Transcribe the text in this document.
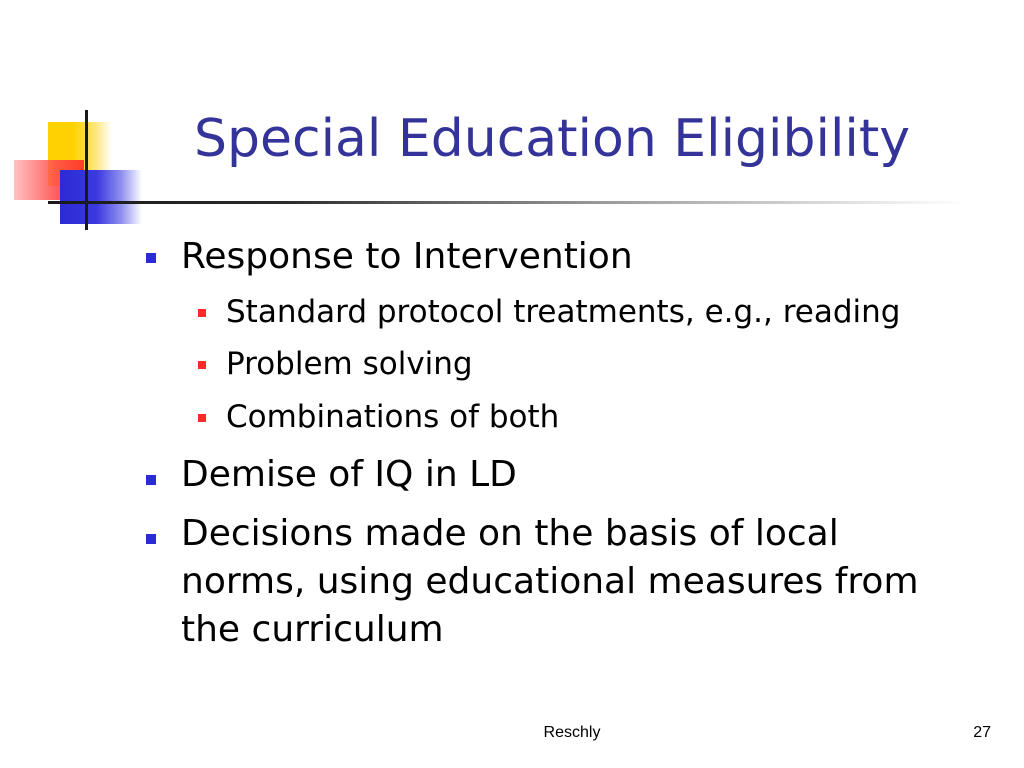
Special Education Eligibility

Response to Intervention

Standard protocol treatments, e.g., reading

Problem solving

Combinations of both

Demise of IQ in LD

Decisions made on the basis of local norms, using educational measures from the curriculum

Reschly	27
